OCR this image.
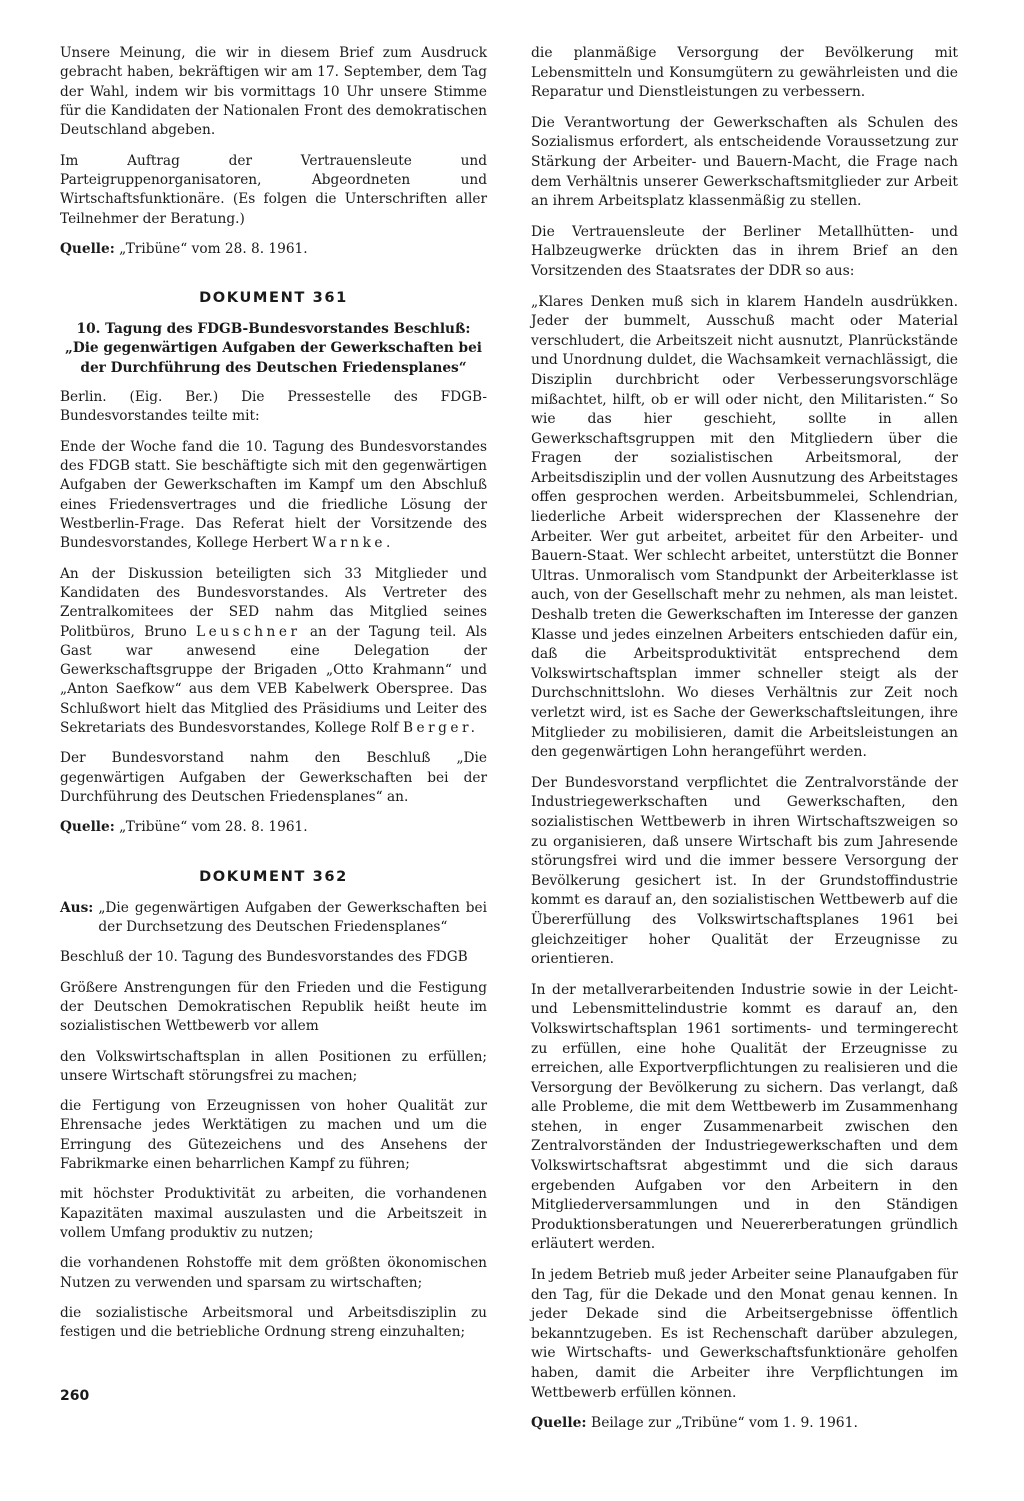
Unsere Meinung, die wir in diesem Brief zum Ausdruck gebracht haben, bekräftigen wir am 17. September, dem Tag der Wahl, indem wir bis vormittags 10 Uhr unsere Stimme für die Kandidaten der Nationalen Front des demokratischen Deutschland abgeben.

Im Auftrag der Vertrauensleute und Parteigruppenorganisatoren, Abgeordneten und Wirtschaftsfunktionäre. (Es folgen die Unterschriften aller Teilnehmer der Beratung.)

Quelle: „Tribüne“ vom 28. 8. 1961.

DOKUMENT 361
10. Tagung des FDGB-Bundesvorstandes Beschluß: „Die gegenwärtigen Aufgaben der Gewerkschaften bei der Durchführung des Deutschen Friedensplanes“

Berlin. (Eig. Ber.) Die Pressestelle des FDGB-Bundesvorstandes teilte mit:

Ende der Woche fand die 10. Tagung des Bundesvorstandes des FDGB statt. Sie beschäftigte sich mit den gegenwärtigen Aufgaben der Gewerkschaften im Kampf um den Abschluß eines Friedensvertrages und die friedliche Lösung der Westberlin-Frage. Das Referat hielt der Vorsitzende des Bundesvorstandes, Kollege Herbert Warnke.

An der Diskussion beteiligten sich 33 Mitglieder und Kandidaten des Bundesvorstandes. Als Vertreter des Zentralkomitees der SED nahm das Mitglied seines Politbüros, Bruno Leuschner an der Tagung teil. Als Gast war anwesend eine Delegation der Gewerkschaftsgruppe der Brigaden „Otto Krahmann“ und „Anton Saefkow“ aus dem VEB Kabelwerk Oberspree. Das Schlußwort hielt das Mitglied des Präsidiums und Leiter des Sekretariats des Bundesvorstandes, Kollege Rolf Berger.

Der Bundesvorstand nahm den Beschluß „Die gegenwärtigen Aufgaben der Gewerkschaften bei der Durchführung des Deutschen Friedensplanes“ an.

Quelle: „Tribüne“ vom 28. 8. 1961.

DOKUMENT 362

Aus: „Die gegenwärtigen Aufgaben der Gewerkschaften bei der Durchsetzung des Deutschen Friedensplanes“

Beschluß der 10. Tagung des Bundesvorstandes des FDGB

Größere Anstrengungen für den Frieden und die Festigung der Deutschen Demokratischen Republik heißt heute im sozialistischen Wettbewerb vor allem

den Volkswirtschaftsplan in allen Positionen zu erfüllen; unsere Wirtschaft störungsfrei zu machen;

die Fertigung von Erzeugnissen von hoher Qualität zur Ehrensache jedes Werktätigen zu machen und um die Erringung des Gütezeichens und des Ansehens der Fabrikmarke einen beharrlichen Kampf zu führen;

mit höchster Produktivität zu arbeiten, die vorhandenen Kapazitäten maximal auszulasten und die Arbeitszeit in vollem Umfang produktiv zu nutzen;

die vorhandenen Rohstoffe mit dem größten ökonomischen Nutzen zu verwenden und sparsam zu wirtschaften;

die sozialistische Arbeitsmoral und Arbeitsdisziplin zu festigen und die betriebliche Ordnung streng einzuhalten;

die planmäßige Versorgung der Bevölkerung mit Lebensmitteln und Konsumgütern zu gewährleisten und die Reparatur und Dienstleistungen zu verbessern.

Die Verantwortung der Gewerkschaften als Schulen des Sozialismus erfordert, als entscheidende Voraussetzung zur Stärkung der Arbeiter- und Bauern-Macht, die Frage nach dem Verhältnis unserer Gewerkschaftsmitglieder zur Arbeit an ihrem Arbeitsplatz klassenmäßig zu stellen.

Die Vertrauensleute der Berliner Metallhütten- und Halbzeugwerke drückten das in ihrem Brief an den Vorsitzenden des Staatsrates der DDR so aus:

„Klares Denken muß sich in klarem Handeln ausdrükken. Jeder der bummelt, Ausschuß macht oder Material verschludert, die Arbeitszeit nicht ausnutzt, Planrückstände und Unordnung duldet, die Wachsamkeit vernachlässigt, die Disziplin durchbricht oder Verbesserungsvorschläge mißachtet, hilft, ob er will oder nicht, den Militaristen.“ So wie das hier geschieht, sollte in allen Gewerkschaftsgruppen mit den Mitgliedern über die Fragen der sozialistischen Arbeitsmoral, der Arbeitsdisziplin und der vollen Ausnutzung des Arbeitstages offen gesprochen werden. Arbeitsbummelei, Schlendrian, liederliche Arbeit widersprechen der Klassenehre der Arbeiter. Wer gut arbeitet, arbeitet für den Arbeiter- und Bauern-Staat. Wer schlecht arbeitet, unterstützt die Bonner Ultras. Unmoralisch vom Standpunkt der Arbeiterklasse ist auch, von der Gesellschaft mehr zu nehmen, als man leistet. Deshalb treten die Gewerkschaften im Interesse der ganzen Klasse und jedes einzelnen Arbeiters entschieden dafür ein, daß die Arbeitsproduktivität entsprechend dem Volkswirtschaftsplan immer schneller steigt als der Durchschnittslohn. Wo dieses Verhältnis zur Zeit noch verletzt wird, ist es Sache der Gewerkschaftsleitungen, ihre Mitglieder zu mobilisieren, damit die Arbeitsleistungen an den gegenwärtigen Lohn herangeführt werden.

Der Bundesvorstand verpflichtet die Zentralvorstände der Industriegewerkschaften und Gewerkschaften, den sozialistischen Wettbewerb in ihren Wirtschaftszweigen so zu organisieren, daß unsere Wirtschaft bis zum Jahresende störungsfrei wird und die immer bessere Versorgung der Bevölkerung gesichert ist. In der Grundstoffindustrie kommt es darauf an, den sozialistischen Wettbewerb auf die Übererfüllung des Volkswirtschaftsplanes 1961 bei gleichzeitiger hoher Qualität der Erzeugnisse zu orientieren.

In der metallverarbeitenden Industrie sowie in der Leicht- und Lebensmittelindustrie kommt es darauf an, den Volkswirtschaftsplan 1961 sortiments- und termingerecht zu erfüllen, eine hohe Qualität der Erzeugnisse zu erreichen, alle Exportverpflichtungen zu realisieren und die Versorgung der Bevölkerung zu sichern. Das verlangt, daß alle Probleme, die mit dem Wettbewerb im Zusammenhang stehen, in enger Zusammenarbeit zwischen den Zentralvorständen der Industriegewerkschaften und dem Volkswirtschaftsrat abgestimmt und die sich daraus ergebenden Aufgaben vor den Arbeitern in den Mitgliederversammlungen und in den Ständigen Produktionsberatungen und Neuererberatungen gründlich erläutert werden.

In jedem Betrieb muß jeder Arbeiter seine Planaufgaben für den Tag, für die Dekade und den Monat genau kennen. In jeder Dekade sind die Arbeitsergebnisse öffentlich bekanntzugeben. Es ist Rechenschaft darüber abzulegen, wie Wirtschafts- und Gewerkschaftsfunktionäre geholfen haben, damit die Arbeiter ihre Verpflichtungen im Wettbewerb erfüllen können.

Quelle: Beilage zur „Tribüne“ vom 1. 9. 1961.

260
